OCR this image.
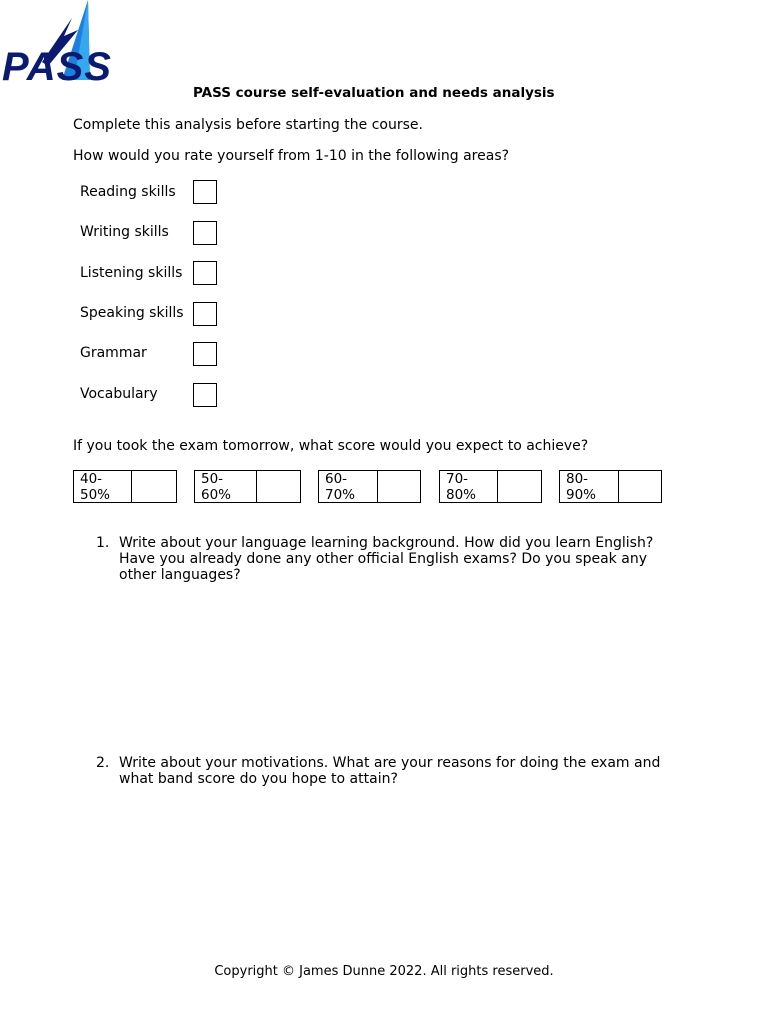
PASS
PASS course self-evaluation and needs analysis
Complete this analysis before starting the course.
How would you rate yourself from 1-10 in the following areas?
Reading skills
Writing skills
Listening skills
Speaking skills
Grammar
Vocabulary
If you took the exam tomorrow, what score would you expect to achieve?
40-
50%
50-
60%
60-
70%
70-
80%
80-
90%
1. Write about your language learning background. How did you learn English? Have you already done any other official English exams? Do you speak any other languages?
2. Write about your motivations. What are your reasons for doing the exam and what band score do you hope to attain?
Copyright © James Dunne 2022. All rights reserved.
